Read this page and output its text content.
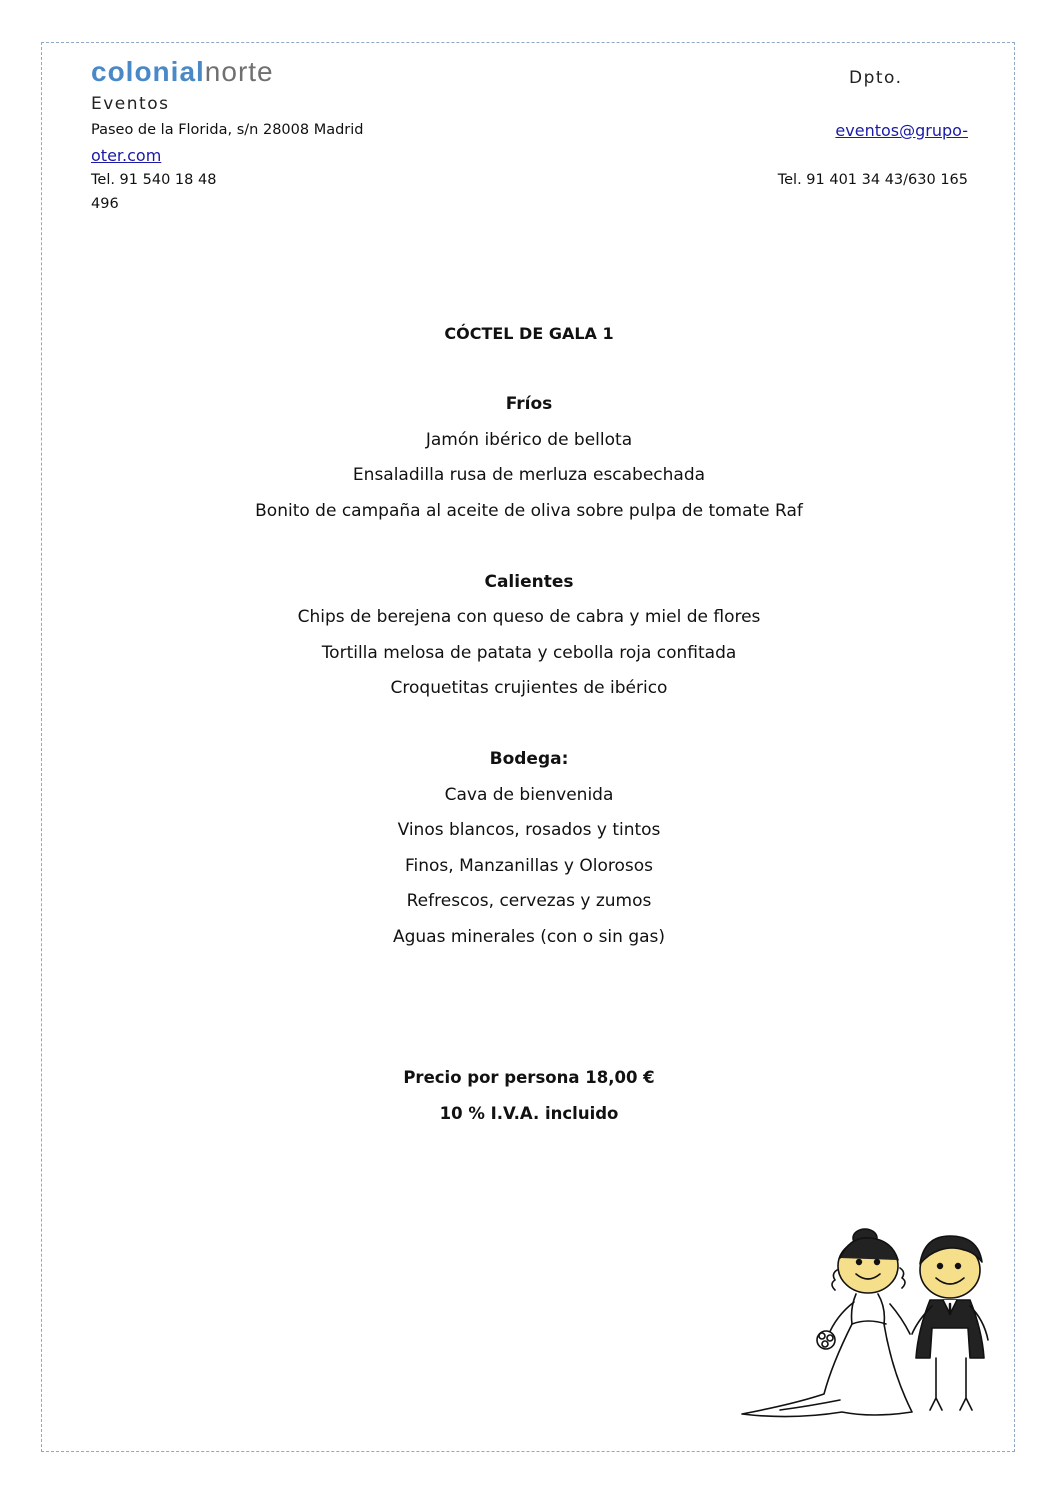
colonialnorte	Dpto.
Eventos
Paseo de la Florida, s/n 28008 Madrid	eventos@grupo-
oter.com
Tel. 91 540 18 48	Tel. 91 401 34 43/630 165
496
CÓCTEL DE GALA 1
Fríos
Jamón ibérico de bellota
Ensaladilla rusa de merluza escabechada
Bonito de campaña al aceite de oliva sobre pulpa de tomate Raf
Calientes
Chips de berejena con queso de cabra y miel de flores
Tortilla melosa de patata y cebolla roja confitada
Croquetitas crujientes de ibérico
Bodega:
Cava de bienvenida
Vinos blancos, rosados y tintos
Finos, Manzanillas y Olorosos
Refrescos, cervezas y zumos
Aguas minerales (con o sin gas)
Precio por persona 18,00 €
10 % I.V.A. incluido
